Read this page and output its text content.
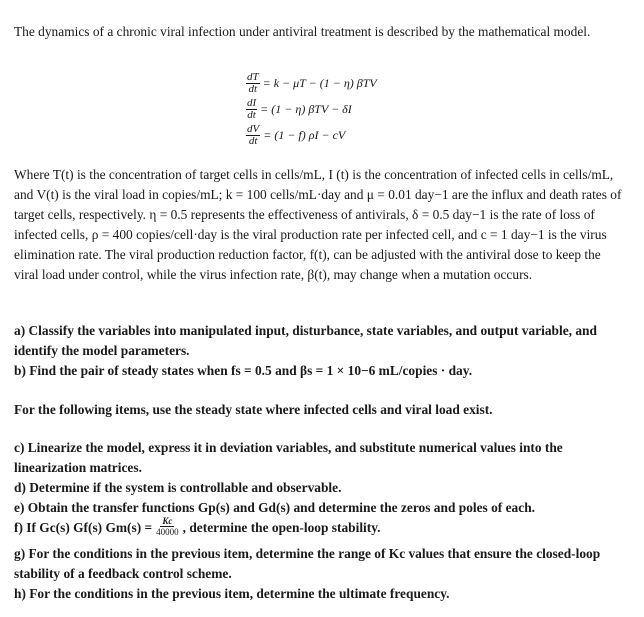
The dynamics of a chronic viral infection under antiviral treatment is described by the mathematical model.
$\frac{dT}{dt} = k - \mu T - (1 - \eta)$ βTV
$\frac{dI}{dt} = (1 - \eta) \beta TV - \delta I$
$\frac{dV}{dt} = (1 - f) \rho I$ − cV
Where T(t) is the concentration of target cells in cells/mL, I (t) is the concentration of infected cells in cells/mL, and V(t) is the viral load in copies/mL; k = 100 cells/mL·day and μ = 0.01 day−1 are the influx and death rates of target cells, respectively. η = 0.5 represents the effectiveness of antivirals, δ = 0.5 day−1 is the rate of loss of infected cells, ρ = 400 copies/cell·day is the viral production rate per infected cell, and c = 1 day−1 is the virus elimination rate. The viral production reduction factor, f(t), can be adjusted with the antiviral dose to keep the viral load under control, while the virus infection rate, β(t), may change when a mutation occurs.
a) Classify the variables into manipulated input, disturbance, state variables, and output variable, and identify the model parameters.
b) Find the pair of steady states when fs = 0.5 and βs = 1 × 10−6 mL/copies · day.
For the following items, use the steady state where infected cells and viral load exist.
c) Linearize the model, express it in deviation variables, and substitute numerical values into the linearization matrices.
d) Determine if the system is controllable and observable.
e) Obtain the transfer functions Gp(s) and Gd(s) and determine the zeros and poles of each.
f) If Gc(s) Gf(s) $Gm(s) = \frac{Kc}{40000}$ , determine the open-loop stability.
g) For the conditions in the previous item, determine the range of Kc values that ensure the closed-loop stability of a feedback control scheme.
h) For the conditions in the previous item, determine the ultimate frequency.
